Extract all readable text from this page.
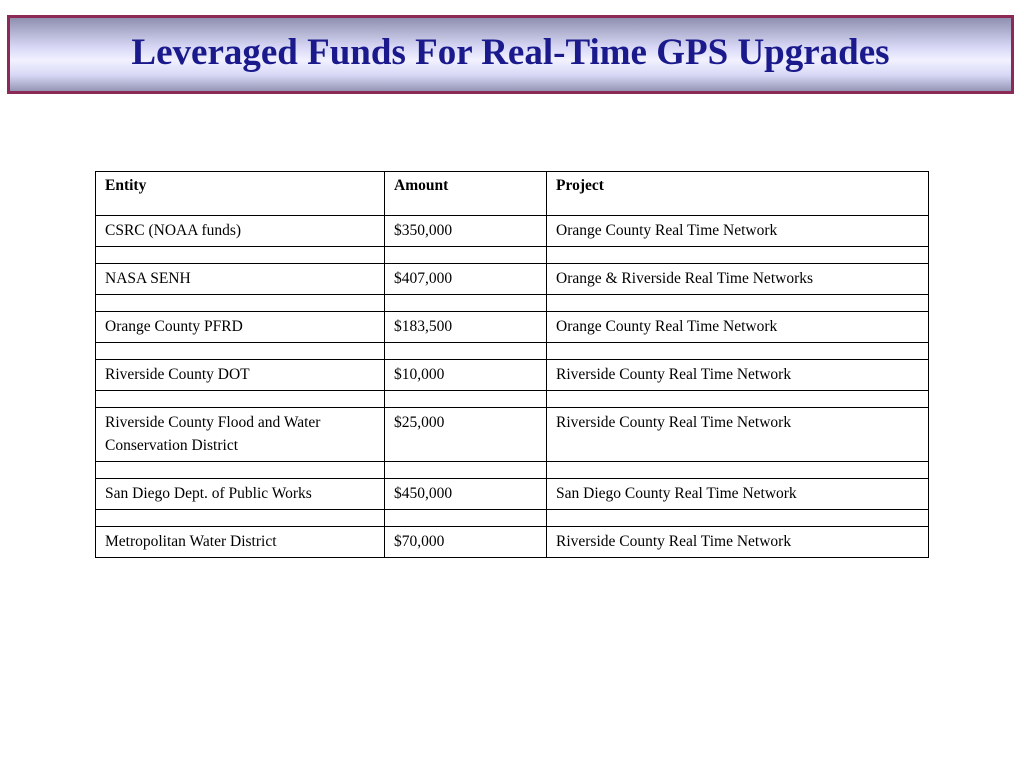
Leveraged Funds For Real-Time GPS Upgrades
Entity	Amount	Project
CSRC (NOAA funds)	$350,000	Orange County Real Time Network

NASA SENH	$407,000	Orange & Riverside Real Time Networks

Orange County PFRD	$183,500	Orange County Real Time Network

Riverside County DOT	$10,000	Riverside County Real Time Network

Riverside County Flood and Water Conservation District	$25,000	Riverside County Real Time Network

San Diego Dept. of Public Works	$450,000	San Diego County Real Time Network

Metropolitan Water District	$70,000	Riverside County Real Time Network
